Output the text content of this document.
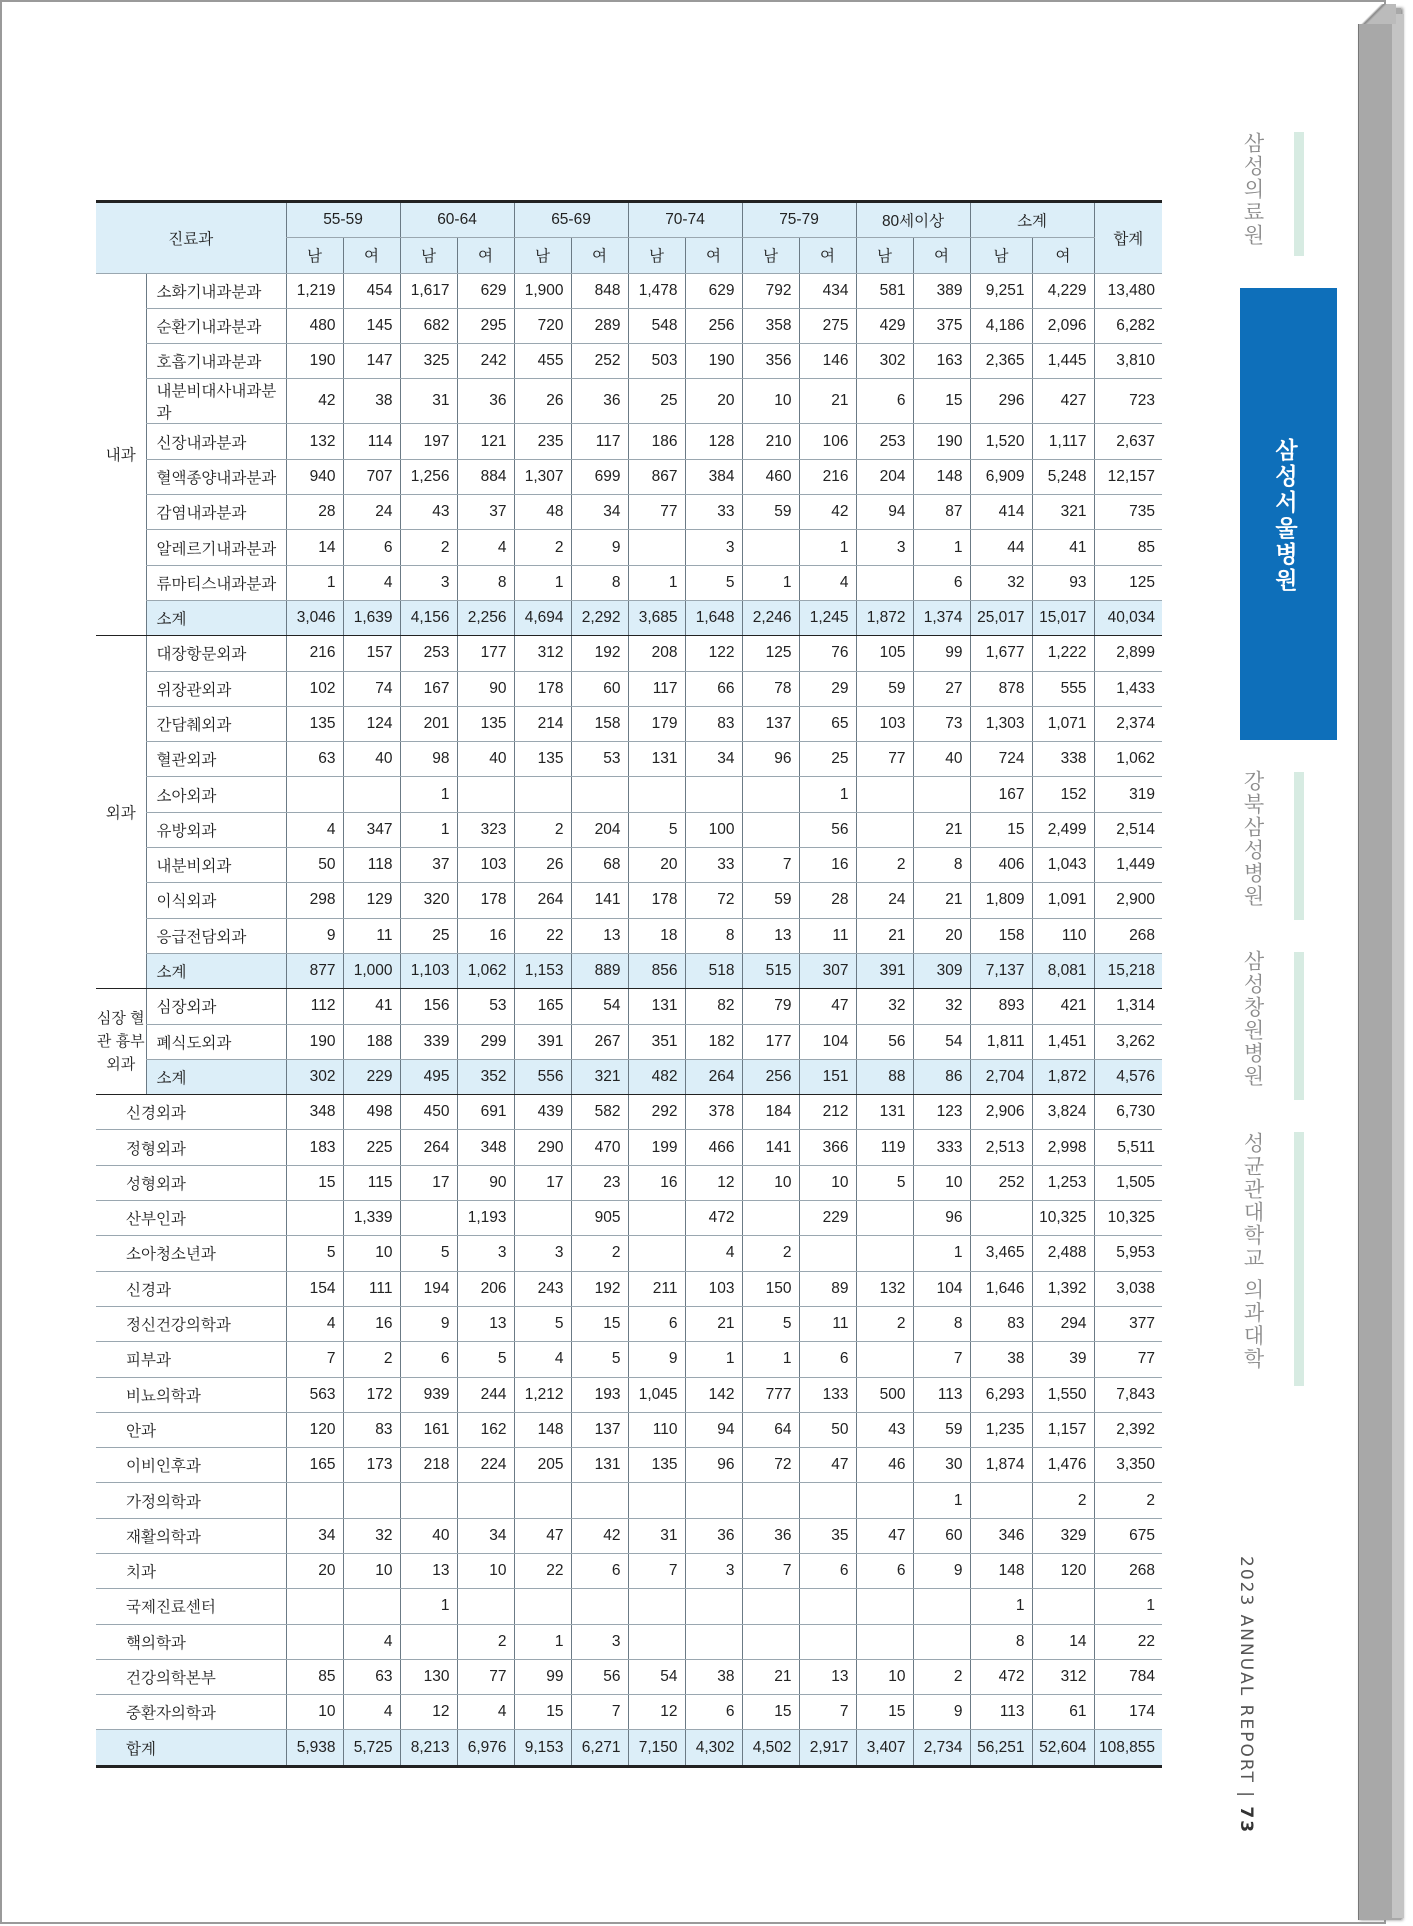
삼성의료원
삼성서울병원
강북삼성병원
삼성창원병원
성균관대학교 의과대학
2023 ANNUAL REPORT | 73
진료과		55-59		60-64		65-69		70-74		75-79		80세이상		소계		합계
		남	여	남	여	남	여	남	여	남	여	남	여	남	여	
내과	소화기내과분과	1,219	454	1,617	629	1,900	848	1,478	629	792	434	581	389	9,251	4,229	13,480
	순환기내과분과	480	145	682	295	720	289	548	256	358	275	429	375	4,186	2,096	6,282
	호흡기내과분과	190	147	325	242	455	252	503	190	356	146	302	163	2,365	1,445	3,810
	내분비대사내과분과	42	38	31	36	26	36	25	20	10	21	6	15	296	427	723
	신장내과분과	132	114	197	121	235	117	186	128	210	106	253	190	1,520	1,117	2,637
	혈액종양내과분과	940	707	1,256	884	1,307	699	867	384	460	216	204	148	6,909	5,248	12,157
	감염내과분과	28	24	43	37	48	34	77	33	59	42	94	87	414	321	735
	알레르기내과분과	14	6	2	4	2	9		3		1	3	1	44	41	85
	류마티스내과분과	1	4	3	8	1	8	1	5	1	4		6	32	93	125
	소계	3,046	1,639	4,156	2,256	4,694	2,292	3,685	1,648	2,246	1,245	1,872	1,374	25,017	15,017	40,034
외과	대장항문외과	216	157	253	177	312	192	208	122	125	76	105	99	1,677	1,222	2,899
	위장관외과	102	74	167	90	178	60	117	66	78	29	59	27	878	555	1,433
	간담췌외과	135	124	201	135	214	158	179	83	137	65	103	73	1,303	1,071	2,374
	혈관외과	63	40	98	40	135	53	131	34	96	25	77	40	724	338	1,062
	소아외과			1							1			167	152	319
	유방외과	4	347	1	323	2	204	5	100		56		21	15	2,499	2,514
	내분비외과	50	118	37	103	26	68	20	33	7	16	2	8	406	1,043	1,449
	이식외과	298	129	320	178	264	141	178	72	59	28	24	21	1,809	1,091	2,900
	응급전담외과	9	11	25	16	22	13	18	8	13	11	21	20	158	110	268
	소계	877	1,000	1,103	1,062	1,153	889	856	518	515	307	391	309	7,137	8,081	15,218
심장 혈관 흉부 외과	심장외과	112	41	156	53	165	54	131	82	79	47	32	32	893	421	1,314
	폐식도외과	190	188	339	299	391	267	351	182	177	104	56	54	1,811	1,451	3,262
	소계	302	229	495	352	556	321	482	264	256	151	88	86	2,704	1,872	4,576
신경외과		348	498	450	691	439	582	292	378	184	212	131	123	2,906	3,824	6,730
정형외과		183	225	264	348	290	470	199	466	141	366	119	333	2,513	2,998	5,511
성형외과		15	115	17	90	17	23	16	12	10	10	5	10	252	1,253	1,505
산부인과			1,339		1,193		905		472		229		96		10,325	10,325
소아청소년과		5	10	5	3	3	2		4	2			1	3,465	2,488	5,953
신경과		154	111	194	206	243	192	211	103	150	89	132	104	1,646	1,392	3,038
정신건강의학과		4	16	9	13	5	15	6	21	5	11	2	8	83	294	377
피부과		7	2	6	5	4	5	9	1	1	6		7	38	39	77
비뇨의학과		563	172	939	244	1,212	193	1,045	142	777	133	500	113	6,293	1,550	7,843
안과		120	83	161	162	148	137	110	94	64	50	43	59	1,235	1,157	2,392
이비인후과		165	173	218	224	205	131	135	96	72	47	46	30	1,874	1,476	3,350
가정의학과													1		2	2
재활의학과		34	32	40	34	47	42	31	36	36	35	47	60	346	329	675
치과		20	10	13	10	22	6	7	3	7	6	6	9	148	120	268
국제진료센터				1										1		1
핵의학과			4		2	1	3							8	14	22
건강의학본부		85	63	130	77	99	56	54	38	21	13	10	2	472	312	784
중환자의학과		10	4	12	4	15	7	12	6	15	7	15	9	113	61	174
합계		5,938	5,725	8,213	6,976	9,153	6,271	7,150	4,302	4,502	2,917	3,407	2,734	56,251	52,604	108,855
